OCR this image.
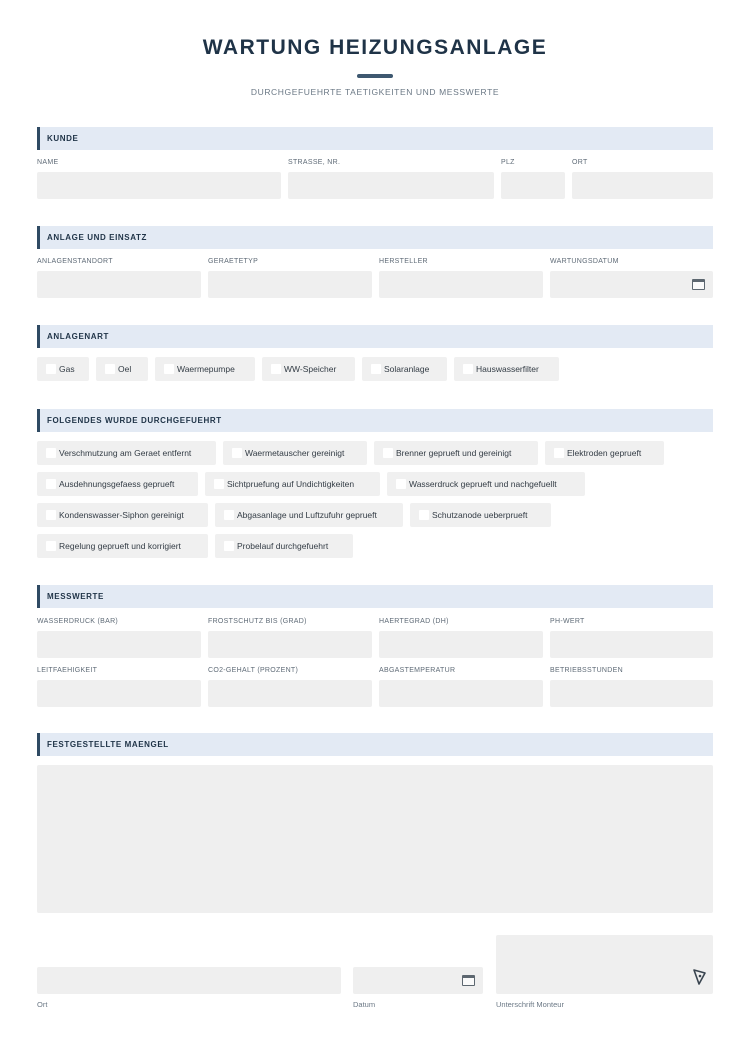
WARTUNG HEIZUNGSANLAGE
DURCHGEFUEHRTE TAETIGKEITEN UND MESSWERTE
KUNDE
NAME	STRASSE, NR.	PLZ	ORT
ANLAGE UND EINSATZ
ANLAGENSTANDORT	GERAETETYP	HERSTELLER	WARTUNGSDATUM
ANLAGENART
Gas	Oel	Waermepumpe	WW-Speicher	Solaranlage	Hauswasserfilter
FOLGENDES WURDE DURCHGEFUEHRT
Verschmutzung am Geraet entfernt	Waermetauscher gereinigt	Brenner geprueft und gereinigt	Elektroden geprueft
Ausdehnungsgefaess geprueft	Sichtpruefung auf Undichtigkeiten	Wasserdruck geprueft und nachgefuellt
Kondenswasser-Siphon gereinigt	Abgasanlage und Luftzufuhr geprueft	Schutzanode ueberprueft
Regelung geprueft und korrigiert	Probelauf durchgefuehrt
MESSWERTE
WASSERDRUCK (BAR)	FROSTSCHUTZ BIS (GRAD)	HAERTEGRAD (DH)	PH-WERT
LEITFAEHIGKEIT	CO2-GEHALT (PROZENT)	ABGASTEMPERATUR	BETRIEBSSTUNDEN
FESTGESTELLTE MAENGEL
Ort	Datum	Unterschrift Monteur
